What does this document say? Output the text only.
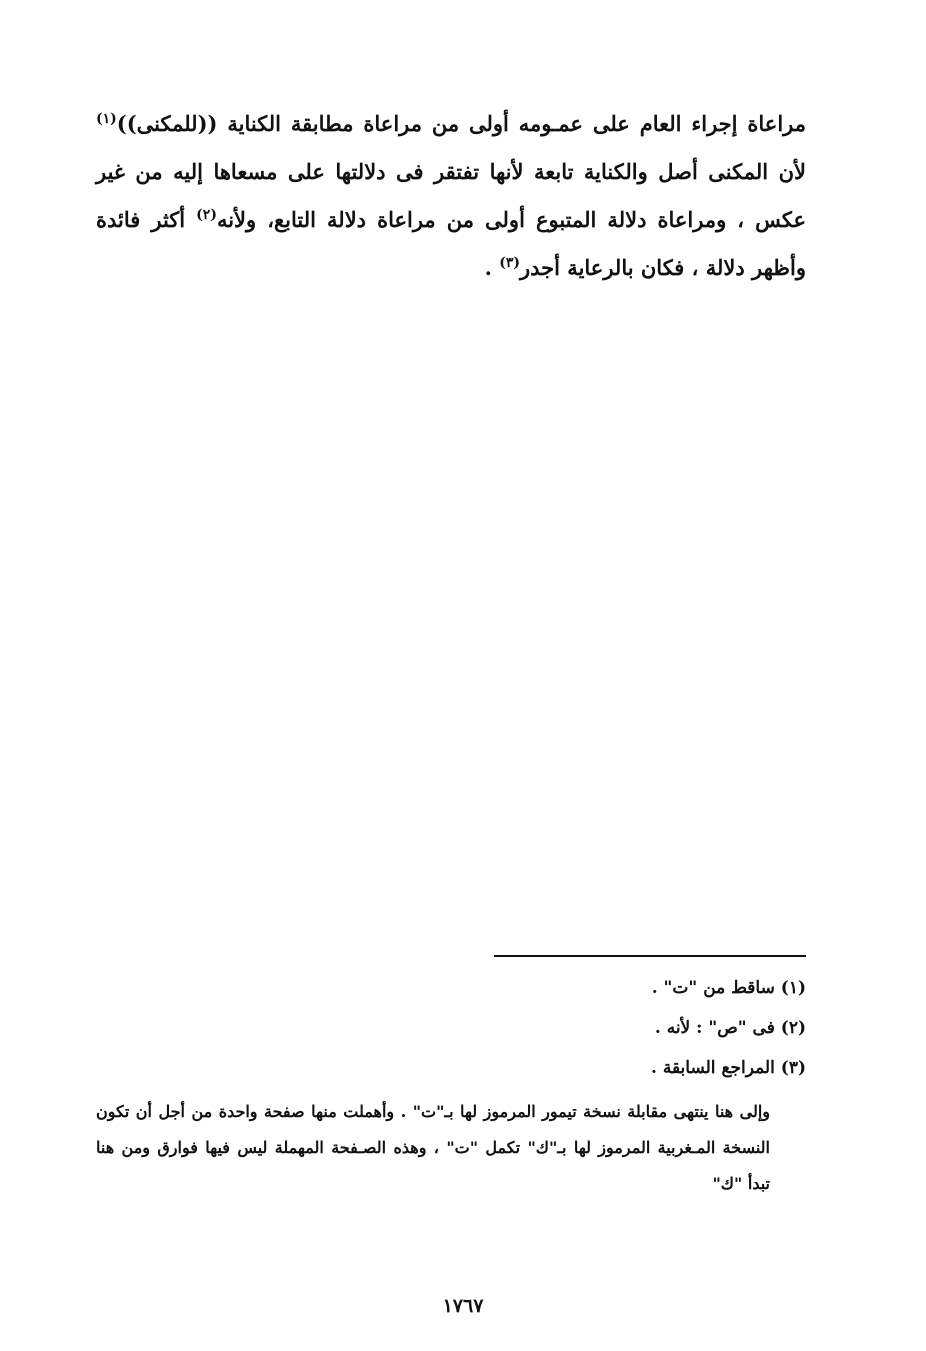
مراعاة إجراء العام على عمـومه أولى من مراعاة مطابقة الكناية ((للمكنى))$^{(١)}$ لأن المكنى أصل والكناية تابعة لأنها تفتقر فى دلالتها على مسعاها إليه من غير عكس ، ومراعاة دلالة المتبوع أولى من مراعاة دلالة التابع، ولأنه$^{(٢)}$ أكثر فائدة وأظهر دلالة ، فكان بالرعاية أجدر$^{(٣)}$ .

(١) ساقط من "ت" .

(٢) فى "ص" : لأنه .

(٣) المراجع السابقة .

وإلى هنا ينتهى مقابلة نسخة تيمور المرموز لها بـ"ت" . وأهملت منها صفحة واحدة من أجل أن تكون النسخة المـغربية المرموز لها بـ"ك" تكمل "ت" ، وهذه الصـفحة المهملة ليس فيها فوارق ومن هنا تبدأ "ك"

١٧٦٧
